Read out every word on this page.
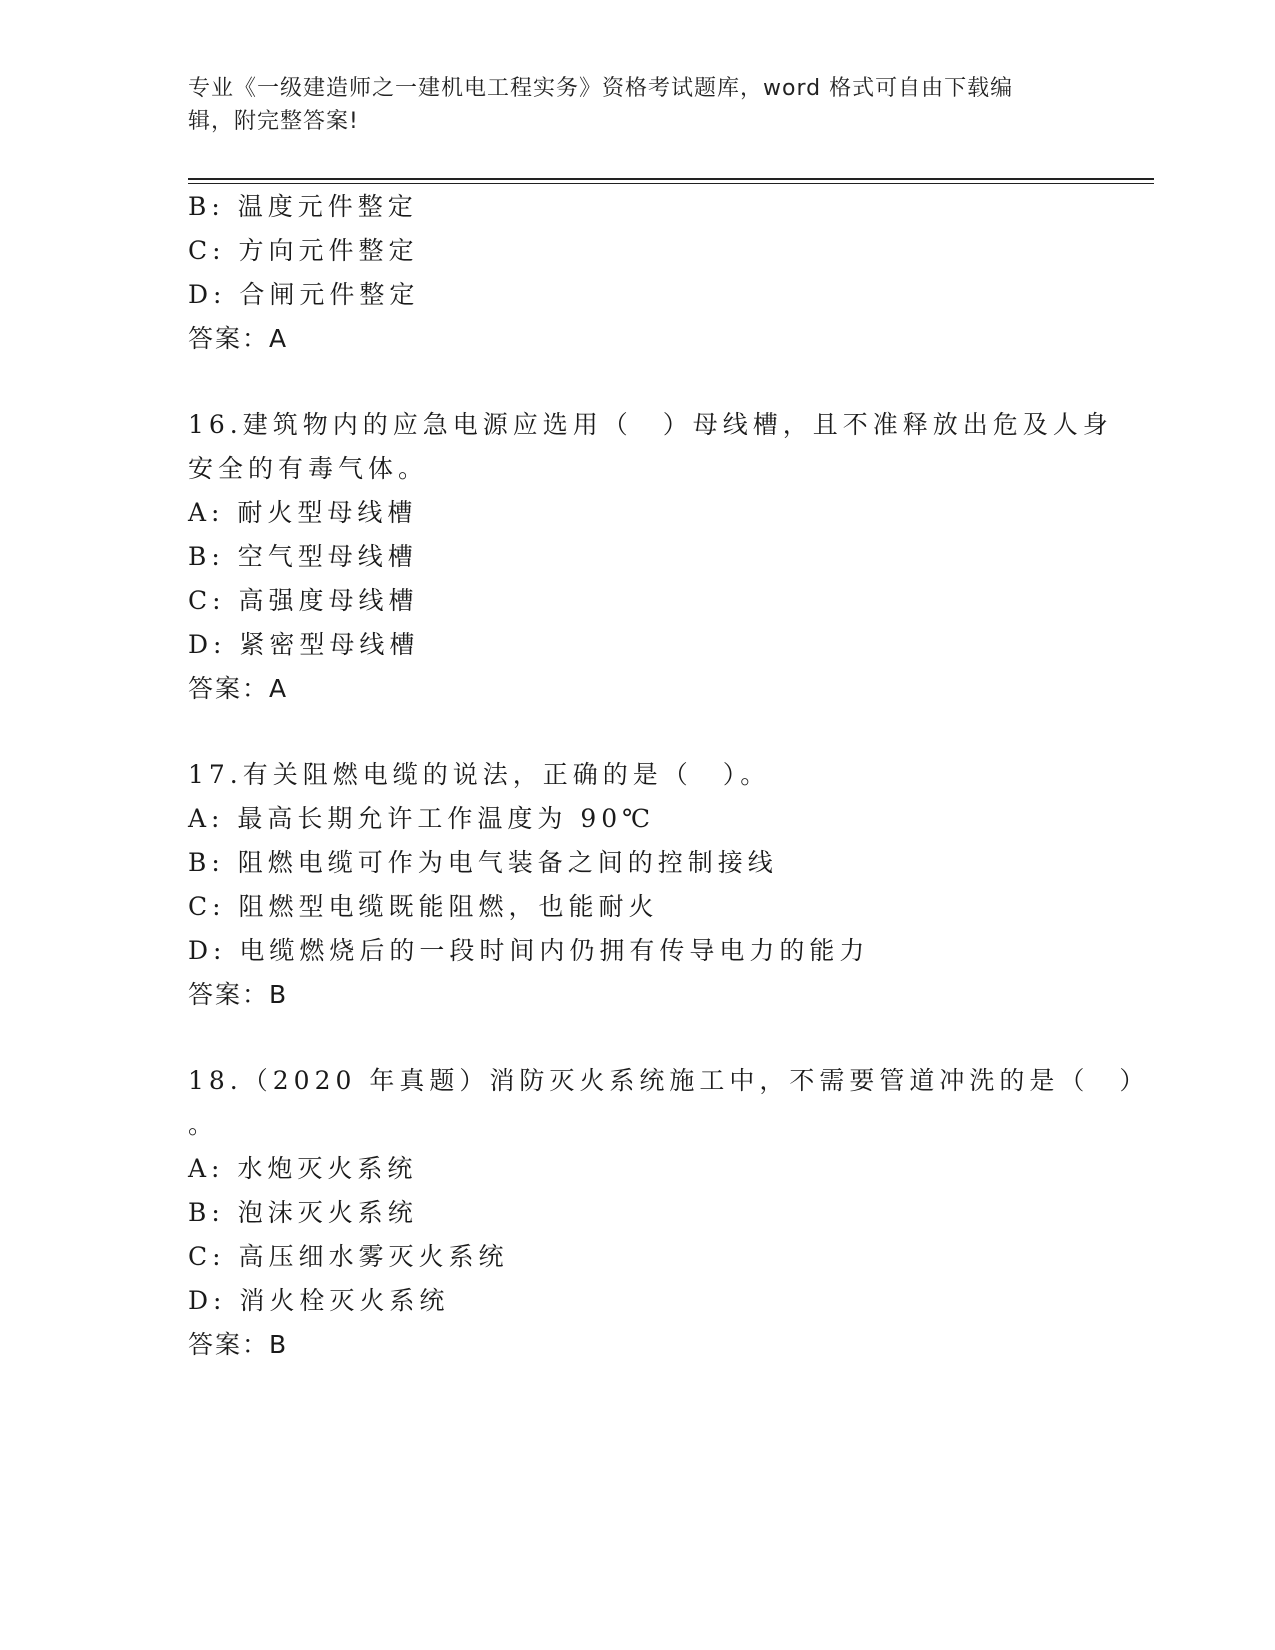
专业《一级建造师之一建机电工程实务》资格考试题库，word 格式可自由下载编
辑，附完整答案!
B: 温度元件整定
C: 方向元件整定
D: 合闸元件整定
答案：A
16.建筑物内的应急电源应选用（　）母线槽，且不准释放出危及人身
安全的有毒气体。
A: 耐火型母线槽
B: 空气型母线槽
C: 高强度母线槽
D: 紧密型母线槽
答案：A
17.有关阻燃电缆的说法，正确的是（　）。
A: 最高长期允许工作温度为 90℃
B: 阻燃电缆可作为电气装备之间的控制接线
C: 阻燃型电缆既能阻燃，也能耐火
D: 电缆燃烧后的一段时间内仍拥有传导电力的能力
答案：B
18.（2020 年真题）消防灭火系统施工中，不需要管道冲洗的是（　）
。
A: 水炮灭火系统
B: 泡沫灭火系统
C: 高压细水雾灭火系统
D: 消火栓灭火系统
答案：B
